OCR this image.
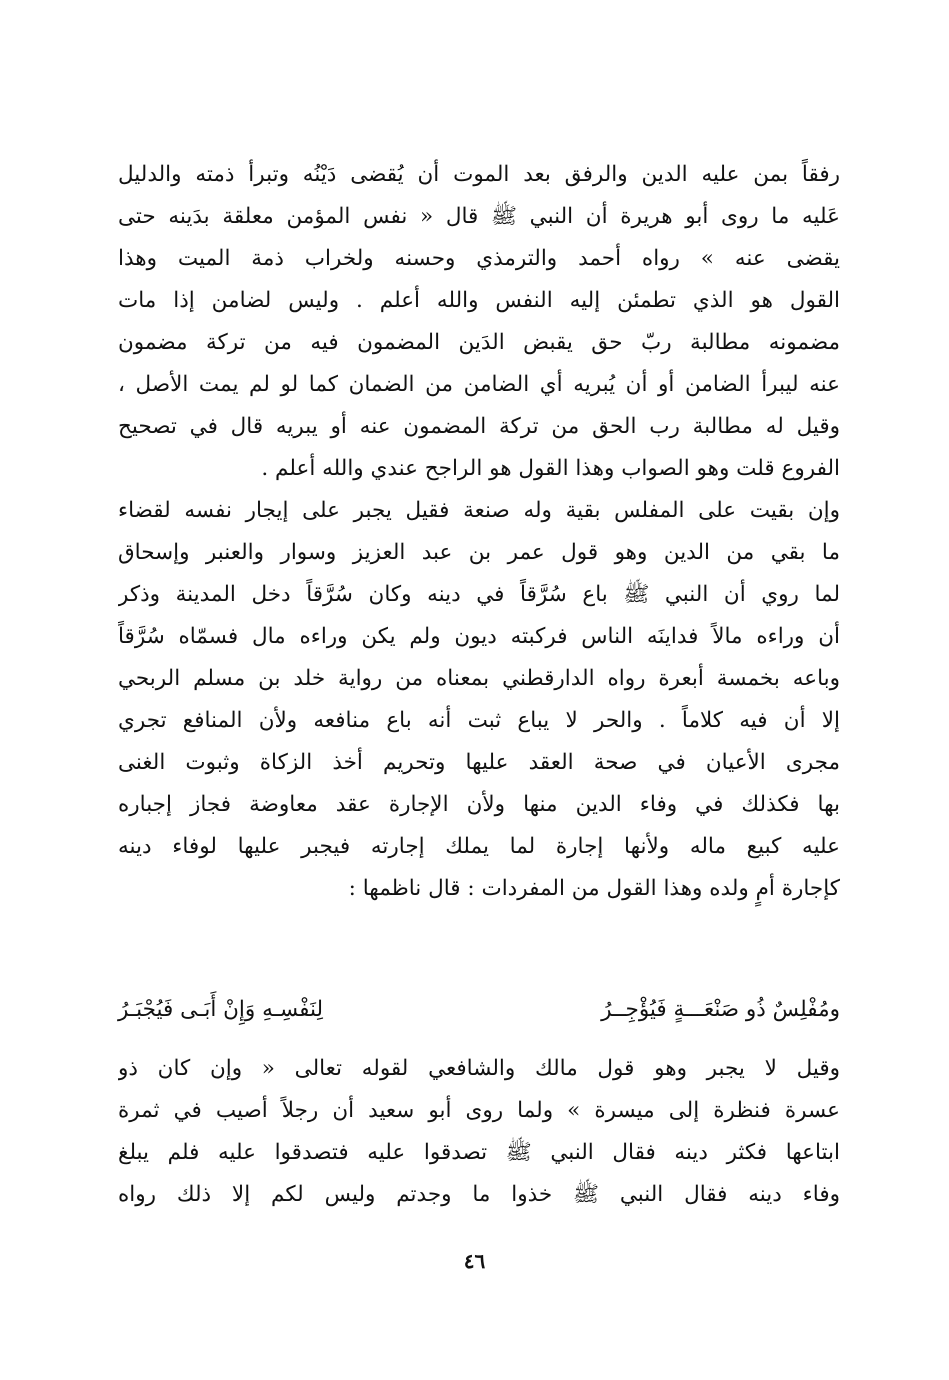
رفقاً بمن عليه الدين والرفق بعد الموت أن يُقضى دَيْنُه وتبرأ ذمته والدليل
عَليه ما روى أبو هريرة أن النبي ﷺ قال « نفس المؤمن معلقة بدَينه حتى
يقضى عنه » رواه أحمد والترمذي وحسنه ولخراب ذمة الميت وهذا
القول هو الذي تطمئن إليه النفس والله أعلم . وليس لضامن إذا مات
مضمونه مطالبة ربّ حق يقبض الدَين المضمون فيه من تركة مضمون
عنه ليبرأ الضامن أو أن يُبريه أي الضامن من الضمان كما لو لم يمت الأصل ،
وقيل له مطالبة رب الحق من تركة المضمون عنه أو يبريه قال في تصحيح
الفروع قلت وهو الصواب وهذا القول هو الراجح عندي والله أعلم .
وإن بقيت على المفلس بقية وله صنعة فقيل يجبر على إيجار نفسه لقضاء
ما بقي من الدين وهو قول عمر بن عبد العزيز وسوار والعنبر وإسحاق
لما روي أن النبي ﷺ باع سُرَّقاً في دينه وكان سُرَّقاً دخل المدينة وذكر
أن وراءه مالاً فداينَه الناس فركبته ديون ولم يكن وراءه مال فسمّاه سُرَّقاً
وباعه بخمسة أبعرة رواه الدارقطني بمعناه من رواية خلد بن مسلم الربحي
إلا أن فيه كلاماً . والحر لا يباع ثبت أنه باع منافعه ولأن المنافع تجري
مجرى الأعيان في صحة العقد عليها وتحريم أخذ الزكاة وثبوت الغنى
بها فكذلك في وفاء الدين منها ولأن الإجارة عقد معاوضة فجاز إجباره
عليه كبيع ماله ولأنها إجارة لما يملك إجارته فيجبر عليها لوفاء دينه
كإجارة أمٍ ولده وهذا القول من المفردات : قال ناظمها :
ومُفْلِسٌ ذُو صَنْعَـــةٍ فَيُؤْجِــرُ
لِنَفْسِـهِ وَإِنْ أَبَـى فَيُجْبَـرُ
وقيل لا يجبر وهو قول مالك والشافعي لقوله تعالى « وإن كان ذو
عسرة فنظرة إلى ميسرة » ولما روى أبو سعيد أن رجلاً أصيب في ثمرة
ابتاعها فكثر دينه فقال النبي ﷺ تصدقوا عليه فتصدقوا عليه فلم يبلغ
وفاء دينه فقال النبي ﷺ خذوا ما وجدتم وليس لكم إلا ذلك رواه
٤٦
